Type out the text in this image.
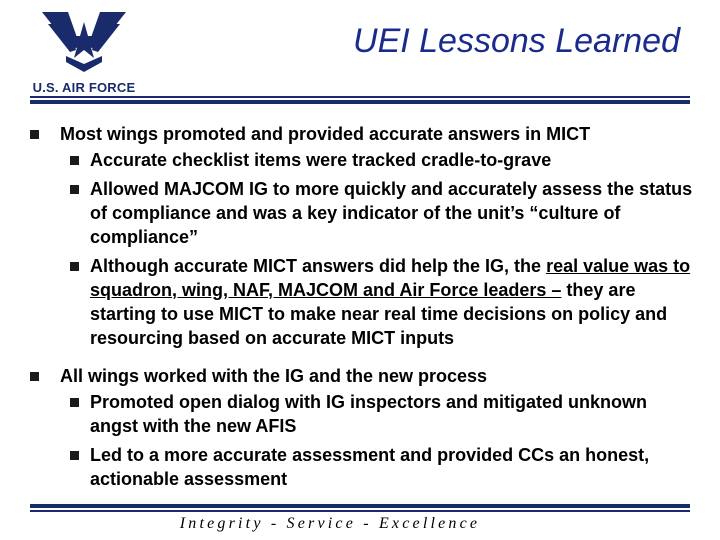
U.S. AIR FORCE
UEI Lessons Learned
Most wings promoted and provided accurate answers in MICT
Accurate checklist items were tracked cradle-to-grave
Allowed MAJCOM IG to more quickly and accurately assess the status of compliance and was a key indicator of the unit’s “culture of compliance”
Although accurate MICT answers did help the IG, the real value was to squadron, wing, NAF, MAJCOM and Air Force leaders – they are starting to use MICT to make near real time decisions on policy and resourcing based on accurate MICT inputs
All wings worked with the IG and the new process
Promoted open dialog with IG inspectors and mitigated unknown angst with the new AFIS
Led to a more accurate assessment and provided CCs an honest, actionable assessment
Integrity - Service - Excellence
